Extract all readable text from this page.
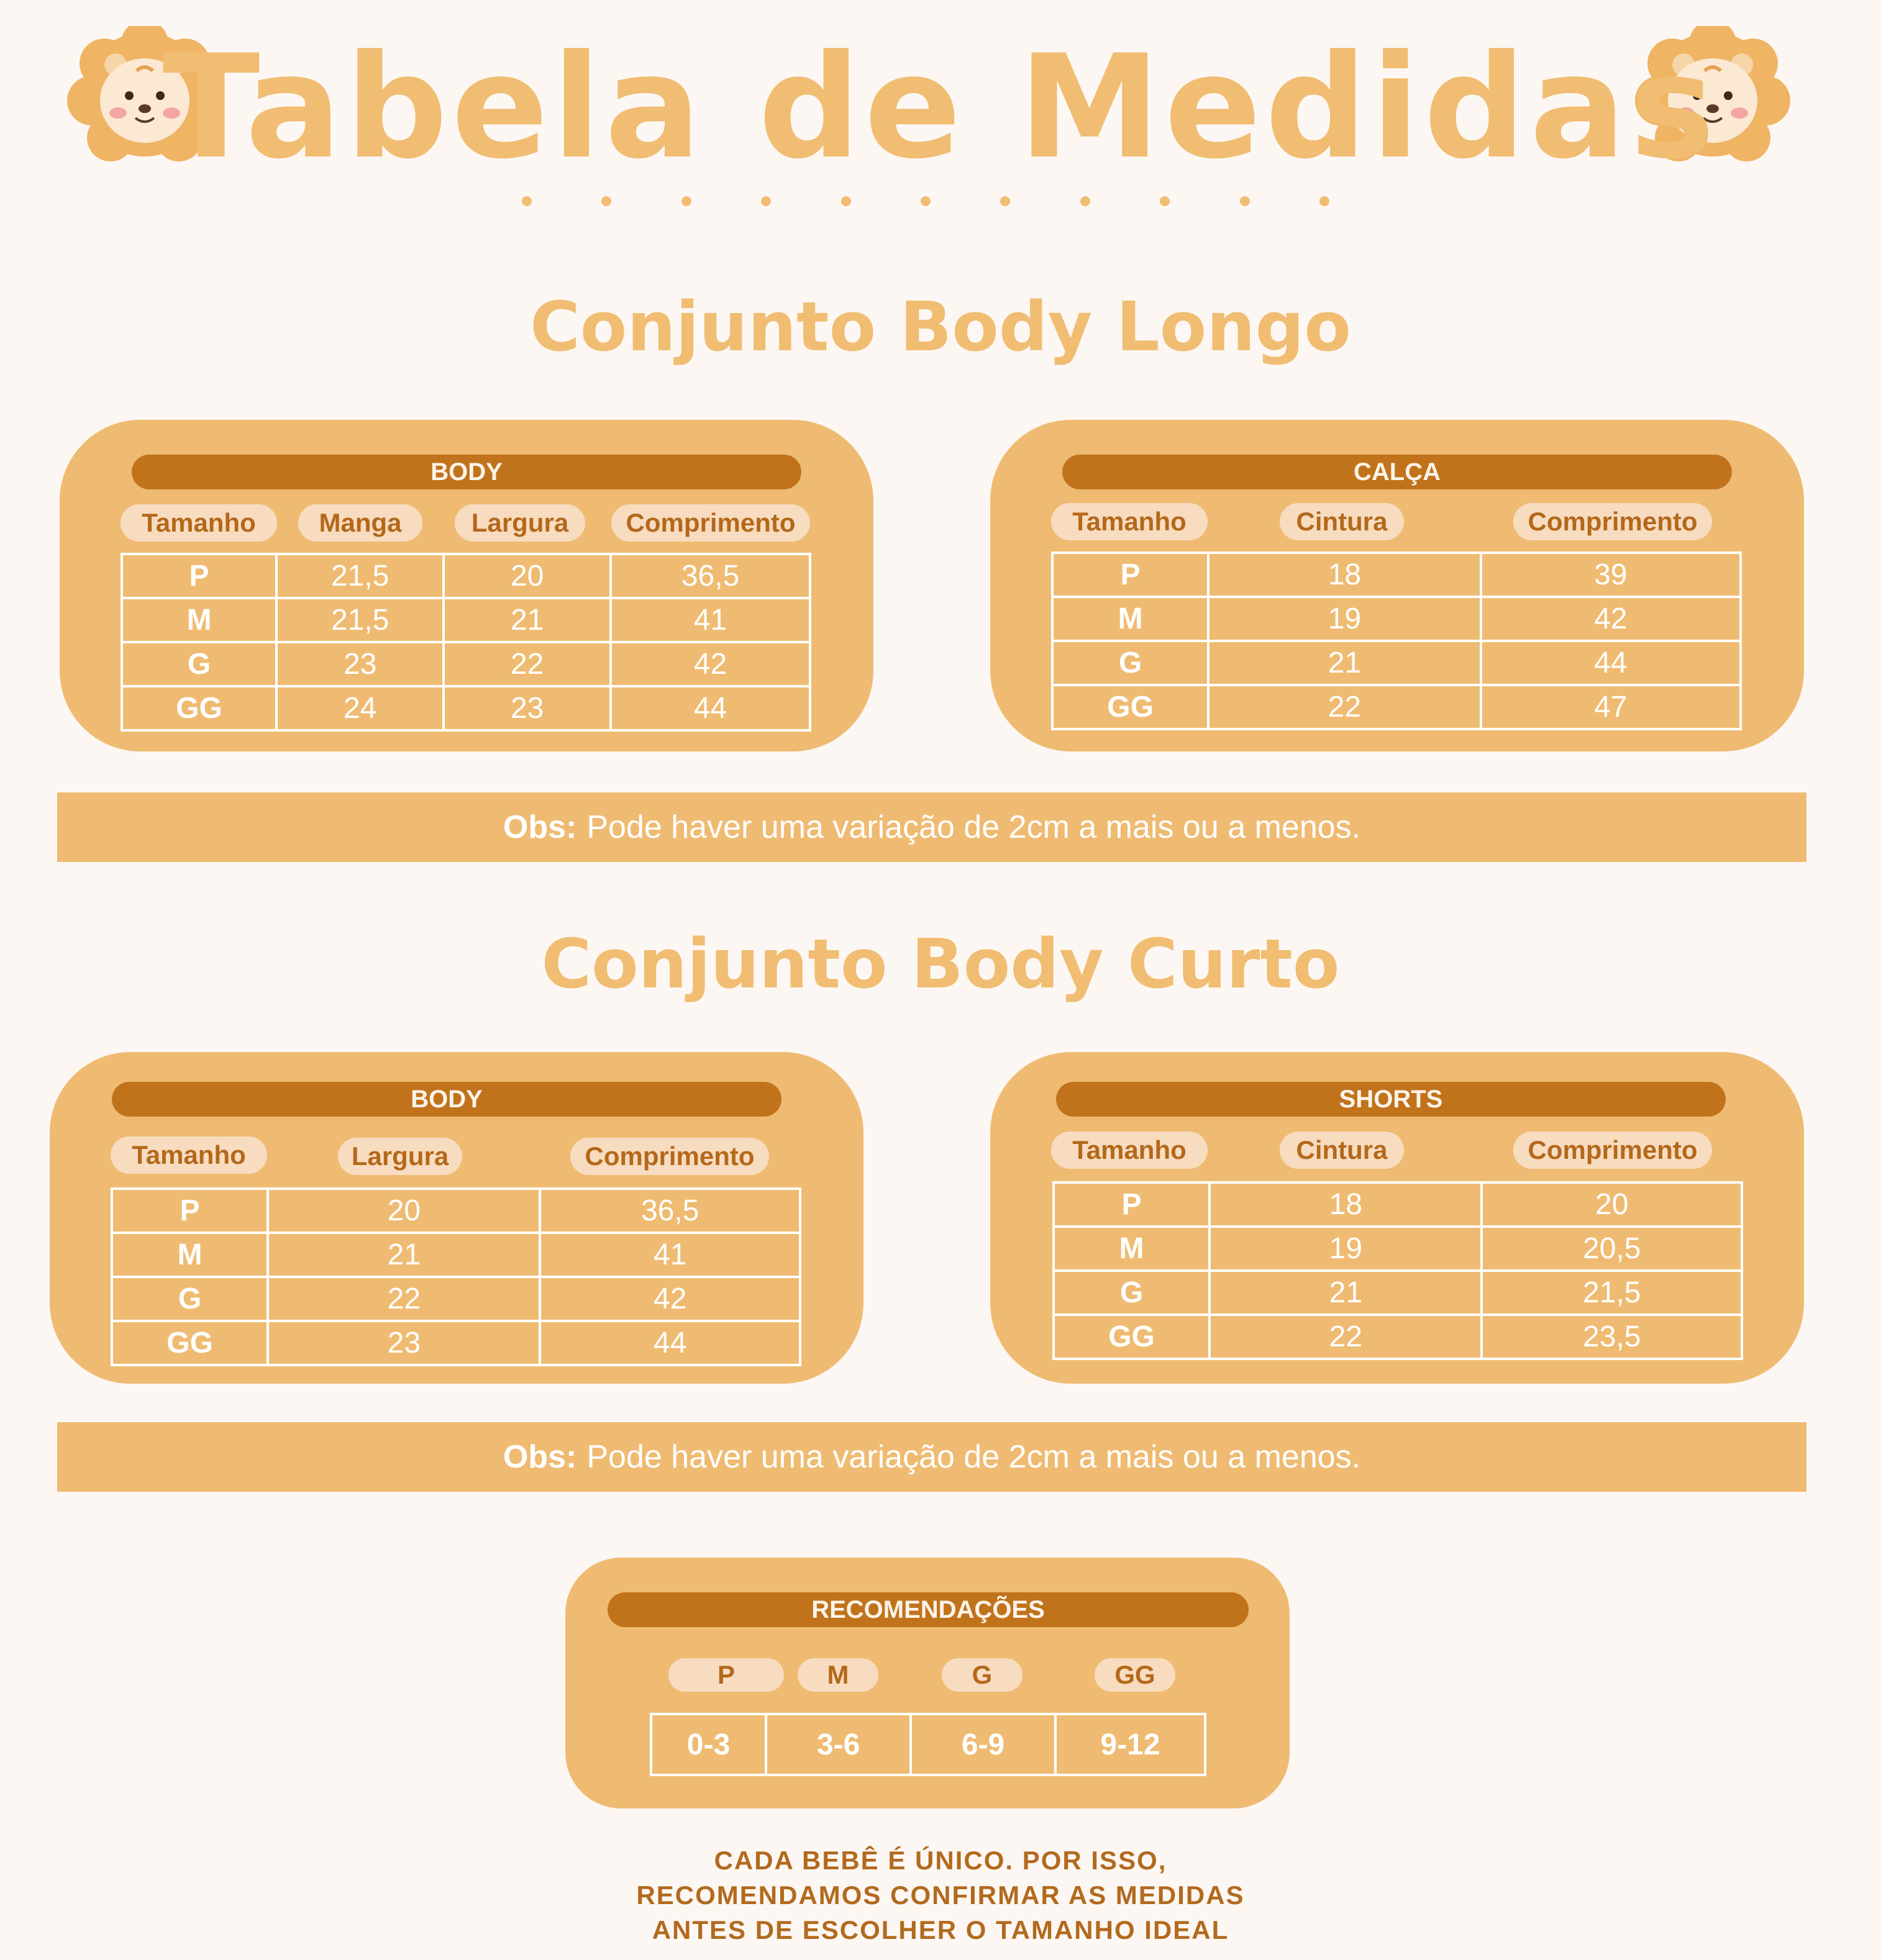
Tabela de Medidas
Conjunto Body Longo
BODY
Tamanho	Manga	Largura	Comprimento
P	21,5	20	36,5
M	21,5	21	41
G	23	22	42
GG	24	23	44
CALÇA
Tamanho	Cintura	Comprimento
P	18	39
M	19	42
G	21	44
GG	22	47
Obs: Pode haver uma variação de 2cm a mais ou a menos.
Conjunto Body Curto
BODY
Tamanho	Largura	Comprimento
P	20	36,5
M	21	41
G	22	42
GG	23	44
SHORTS
Tamanho	Cintura	Comprimento
P	18	20
M	19	20,5
G	21	21,5
GG	22	23,5
Obs: Pode haver uma variação de 2cm a mais ou a menos.
RECOMENDAÇÕES
P	M	G	GG
0-3	3-6	6-9	9-12
CADA BEBÊ É ÚNICO. POR ISSO,
RECOMENDAMOS CONFIRMAR AS MEDIDAS
ANTES DE ESCOLHER O TAMANHO IDEAL
